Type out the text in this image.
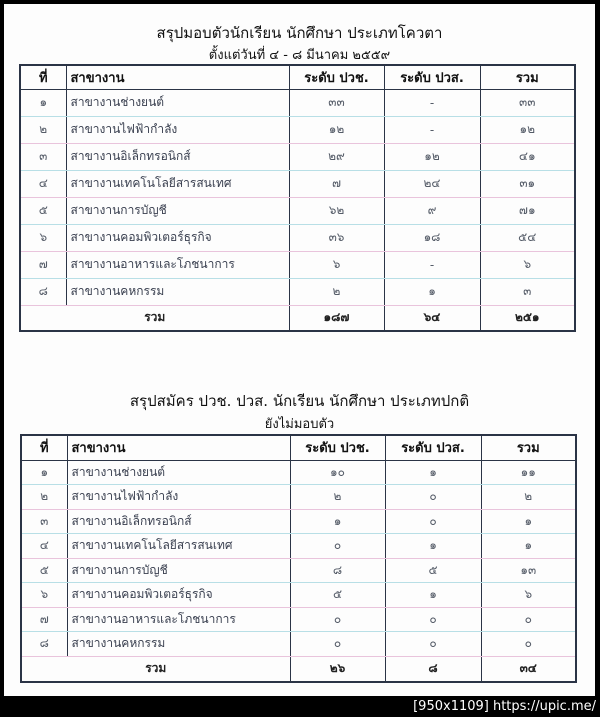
สรุปมอบตัวนักเรียน นักศึกษา ประเภทโควตา
ตั้งแต่วันที่ ๔ - ๘ มีนาคม ๒๕๕๙
ที่	สาขางาน	ระดับ ปวช.	ระดับ ปวส.	รวม
๑	สาขางานช่างยนต์	๓๓	-	๓๓
๒	สาขางานไฟฟ้ากำลัง	๑๒	-	๑๒
๓	สาขางานอิเล็กทรอนิกส์	๒๙	๑๒	๔๑
๔	สาขางานเทคโนโลยีสารสนเทศ	๗	๒๔	๓๑
๕	สาขางานการบัญชี	๖๒	๙	๗๑
๖	สาขางานคอมพิวเตอร์ธุรกิจ	๓๖	๑๘	๕๔
๗	สาขางานอาหารและโภชนาการ	๖	-	๖
๘	สาขางานคหกรรม	๒	๑	๓
รวม		๑๘๗	๖๔	๒๕๑
สรุปสมัคร ปวช. ปวส. นักเรียน นักศึกษา ประเภทปกติ
ยังไม่มอบตัว
ที่	สาขางาน	ระดับ ปวช.	ระดับ ปวส.	รวม
๑	สาขางานช่างยนต์	๑๐	๑	๑๑
๒	สาขางานไฟฟ้ากำลัง	๒	๐	๒
๓	สาขางานอิเล็กทรอนิกส์	๑	๐	๑
๔	สาขางานเทคโนโลยีสารสนเทศ	๐	๑	๑
๕	สาขางานการบัญชี	๘	๕	๑๓
๖	สาขางานคอมพิวเตอร์ธุรกิจ	๕	๑	๖
๗	สาขางานอาหารและโภชนาการ	๐	๐	๐
๘	สาขางานคหกรรม	๐	๐	๐
รวม		๒๖	๘	๓๔
[950x1109] https://upic.me/
